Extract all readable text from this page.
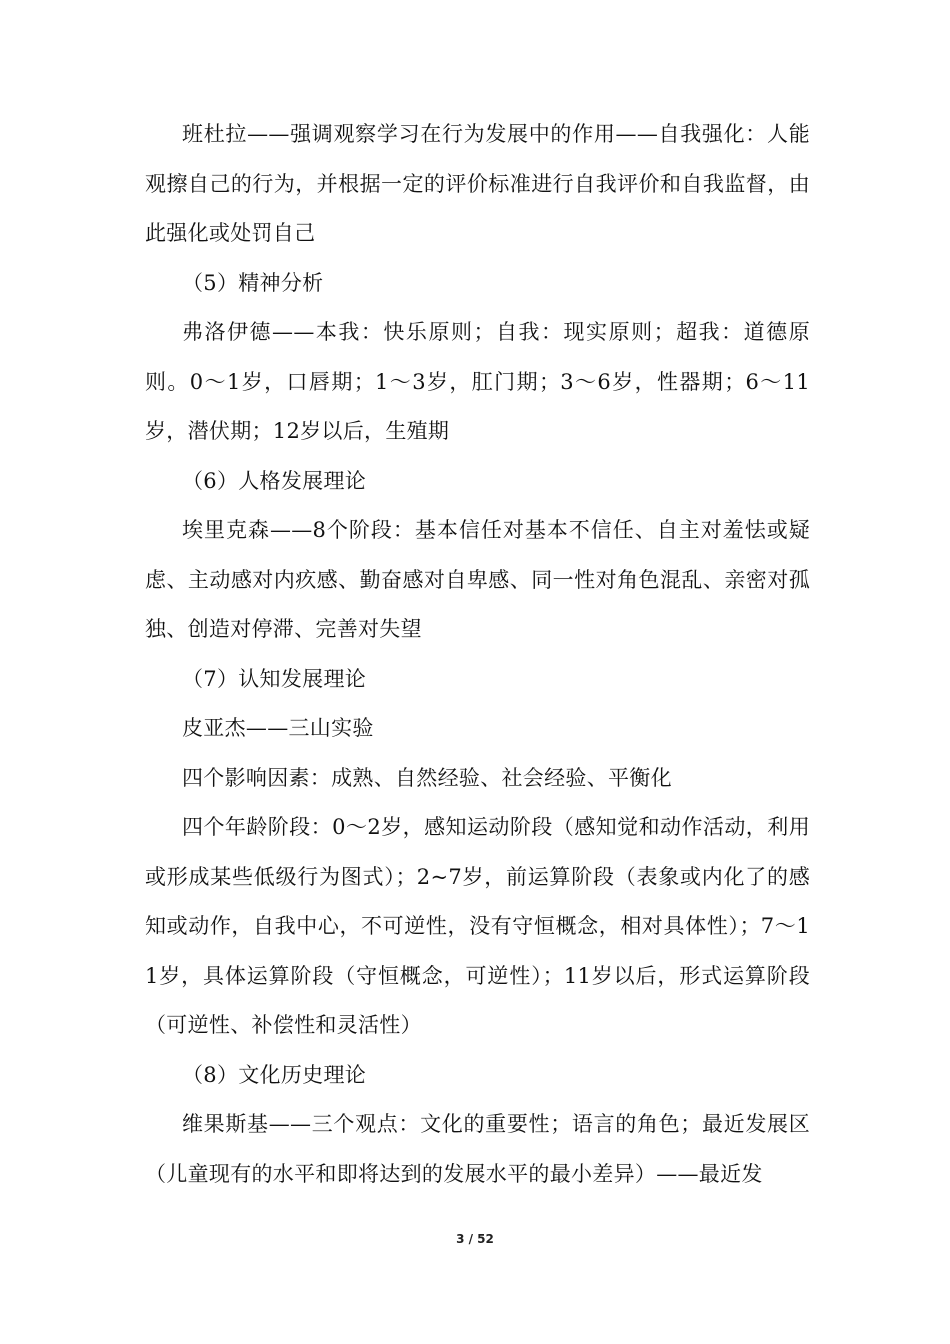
班杜拉——强调观察学习在行为发展中的作用——自我强化：人能观擦自己的行为，并根据一定的评价标准进行自我评价和自我监督，由此强化或处罚自己

（5）精神分析

弗洛伊德——本我：快乐原则；自我：现实原则；超我：道德原则。0～1岁，口唇期；1～3岁，肛门期；3～6岁，性器期；6～11岁，潜伏期；12岁以后，生殖期

（6）人格发展理论

埃里克森——8个阶段：基本信任对基本不信任、自主对羞怯或疑虑、主动感对内疚感、勤奋感对自卑感、同一性对角色混乱、亲密对孤独、创造对停滞、完善对失望

（7）认知发展理论

皮亚杰——三山实验

四个影响因素：成熟、自然经验、社会经验、平衡化

四个年龄阶段：0～2岁，感知运动阶段（感知觉和动作活动，利用或形成某些低级行为图式）；2~7岁，前运算阶段（表象或内化了的感知或动作，自我中心，不可逆性，没有守恒概念，相对具体性）；7～11岁，具体运算阶段（守恒概念，可逆性）；11岁以后，形式运算阶段（可逆性、补偿性和灵活性）

（8）文化历史理论

维果斯基——三个观点：文化的重要性；语言的角色；最近发展区（儿童现有的水平和即将达到的发展水平的最小差异）——最近发

3 / 52
